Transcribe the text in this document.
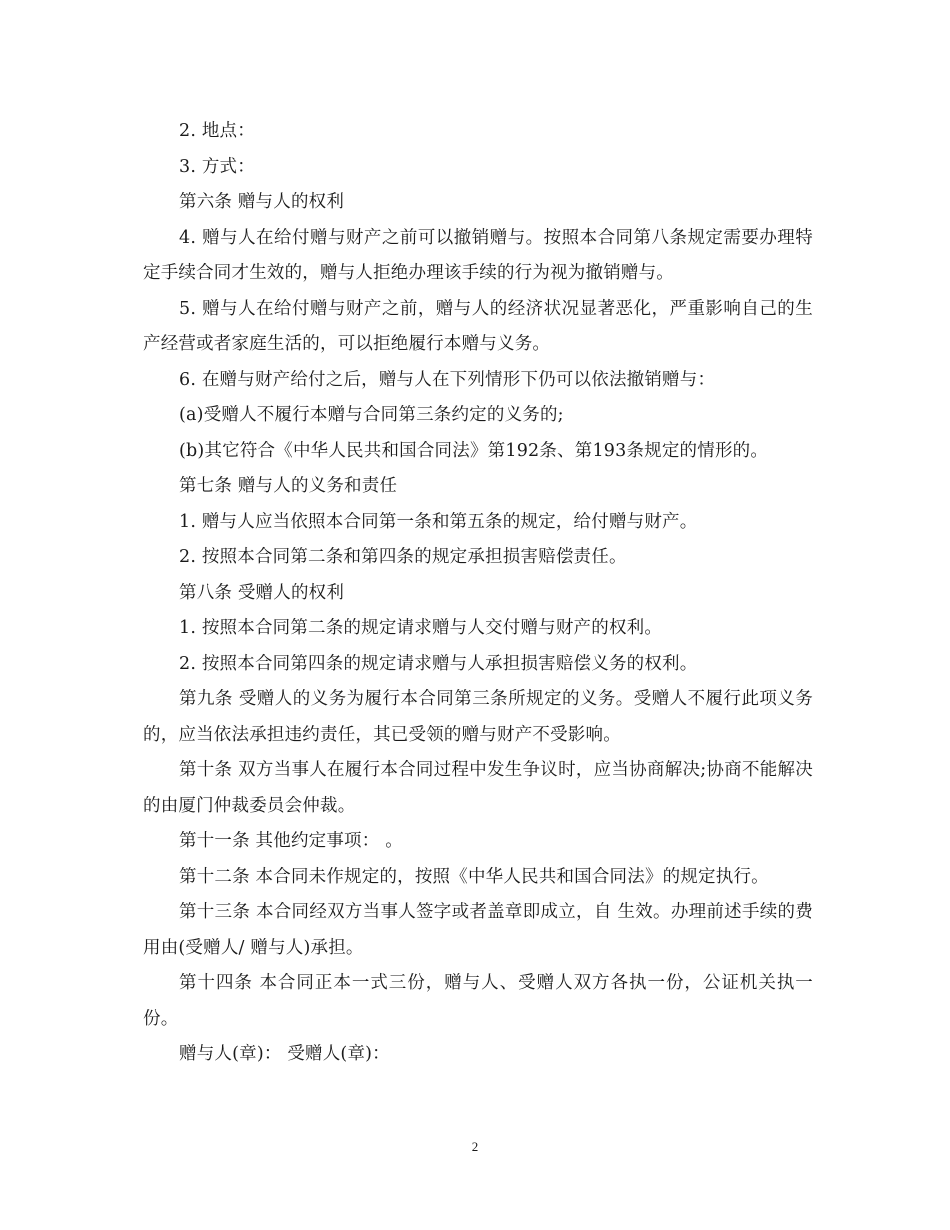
2. 地点：

3. 方式：

第六条 赠与人的权利

4. 赠与人在给付赠与财产之前可以撤销赠与。按照本合同第八条规定需要办理特定手续合同才生效的，赠与人拒绝办理该手续的行为视为撤销赠与。

5. 赠与人在给付赠与财产之前，赠与人的经济状况显著恶化，严重影响自己的生产经营或者家庭生活的，可以拒绝履行本赠与义务。

6. 在赠与财产给付之后，赠与人在下列情形下仍可以依法撤销赠与：

(a)受赠人不履行本赠与合同第三条约定的义务的;

(b)其它符合《中华人民共和国合同法》第192条、第193条规定的情形的。

第七条 赠与人的义务和责任

1. 赠与人应当依照本合同第一条和第五条的规定，给付赠与财产。

2. 按照本合同第二条和第四条的规定承担损害赔偿责任。

第八条 受赠人的权利

1. 按照本合同第二条的规定请求赠与人交付赠与财产的权利。

2. 按照本合同第四条的规定请求赠与人承担损害赔偿义务的权利。

第九条 受赠人的义务为履行本合同第三条所规定的义务。受赠人不履行此项义务的，应当依法承担违约责任，其已受领的赠与财产不受影响。

第十条 双方当事人在履行本合同过程中发生争议时，应当协商解决;协商不能解决的由厦门仲裁委员会仲裁。

第十一条 其他约定事项： 。

第十二条 本合同未作规定的，按照《中华人民共和国合同法》的规定执行。

第十三条 本合同经双方当事人签字或者盖章即成立，自 生效。办理前述手续的费用由(受赠人/ 赠与人)承担。

第十四条 本合同正本一式三份，赠与人、受赠人双方各执一份，公证机关执一份。

赠与人(章)： 受赠人(章)：

2
